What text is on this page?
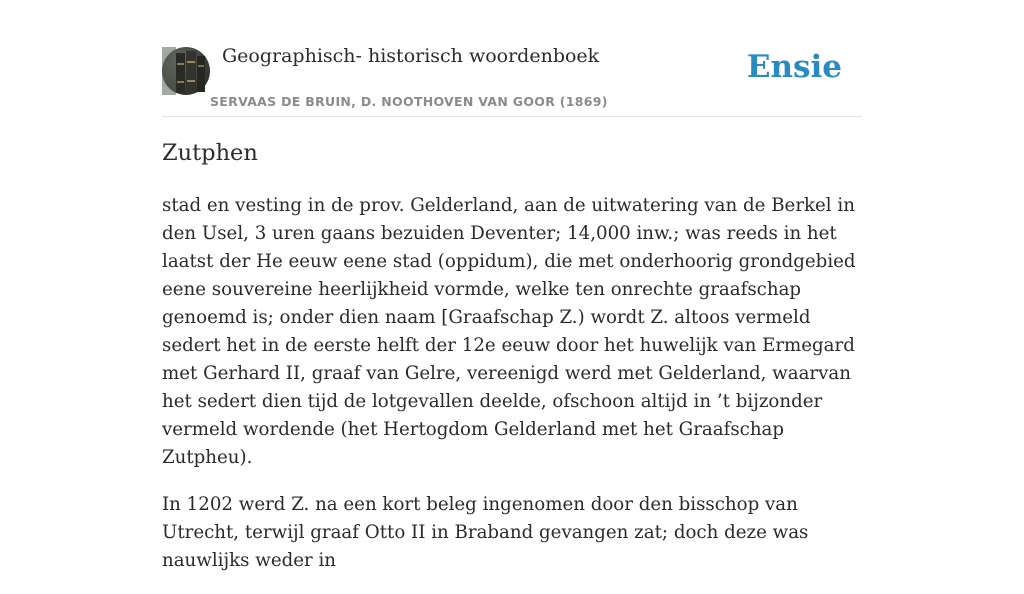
Geographisch- historisch woordenboek
SERVAAS DE BRUIN, D. NOOTHOVEN VAN GOOR (1869)
Ensie
Zutphen

stad en vesting in de prov. Gelderland, aan de uitwatering van de Berkel in den Usel, 3 uren gaans bezuiden Deventer; 14,000 inw.; was reeds in het laatst der He eeuw eene stad (oppidum), die met onderhoorig grondgebied eene souvereine heerlijkheid vormde, welke ten onrechte graafschap genoemd is; onder dien naam [Graafschap Z.) wordt Z. altoos vermeld sedert het in de eerste helft der 12e eeuw door het huwelijk van Ermegard met Gerhard II, graaf van Gelre, vereenigd werd met Gelderland, waarvan het sedert dien tijd de lotgevallen deelde, ofschoon altijd in ’t bijzonder vermeld wordende (het Hertogdom Gelderland met het Graafschap Zutpheu).

In 1202 werd Z. na een kort beleg ingenomen door den bisschop van Utrecht, terwijl graaf Otto II in Braband gevangen zat; doch deze was nauwlijks weder in
